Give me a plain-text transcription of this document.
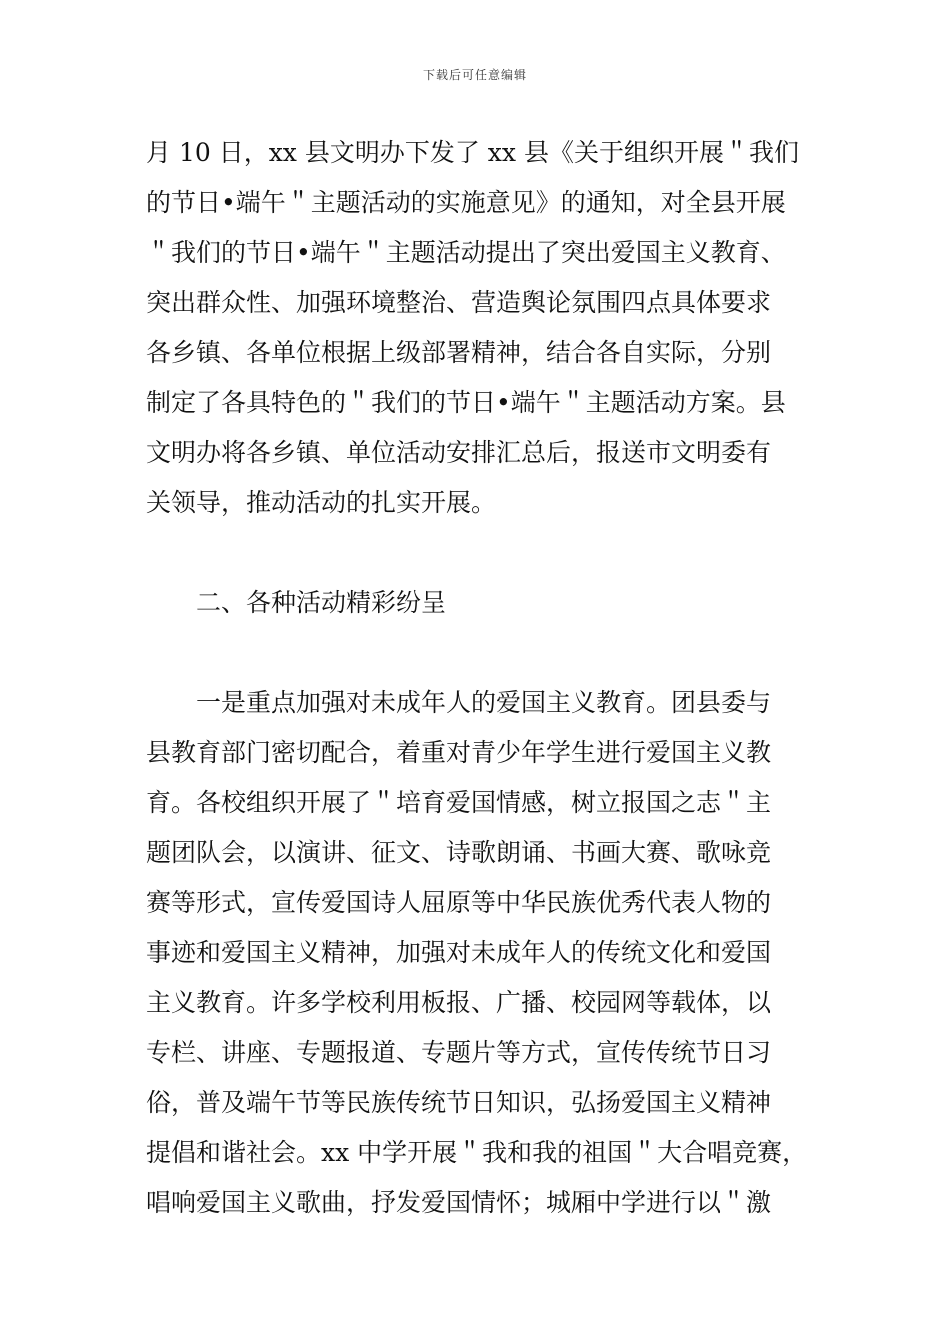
下载后可任意编辑
月 10 日，xx 县文明办下发了 xx 县《关于组织开展＂我们
的节日•端午＂主题活动的实施意见》的通知，对全县开展
＂我们的节日•端午＂主题活动提出了突出爱国主义教育、
突出群众性、加强环境整治、营造舆论氛围四点具体要求
各乡镇、各单位根据上级部署精神，结合各自实际，分别
制定了各具特色的＂我们的节日•端午＂主题活动方案。县
文明办将各乡镇、单位活动安排汇总后，报送市文明委有
关领导，推动活动的扎实开展。
二、各种活动精彩纷呈
一是重点加强对未成年人的爱国主义教育。团县委与
县教育部门密切配合，着重对青少年学生进行爱国主义教
育。各校组织开展了＂培育爱国情感，树立报国之志＂主
题团队会，以演讲、征文、诗歌朗诵、书画大赛、歌咏竞
赛等形式，宣传爱国诗人屈原等中华民族优秀代表人物的
事迹和爱国主义精神，加强对未成年人的传统文化和爱国
主义教育。许多学校利用板报、广播、校园网等载体，以
专栏、讲座、专题报道、专题片等方式，宣传传统节日习
俗，普及端午节等民族传统节日知识，弘扬爱国主义精神
提倡和谐社会。xx 中学开展＂我和我的祖国＂大合唱竞赛，
唱响爱国主义歌曲，抒发爱国情怀；城厢中学进行以＂激
